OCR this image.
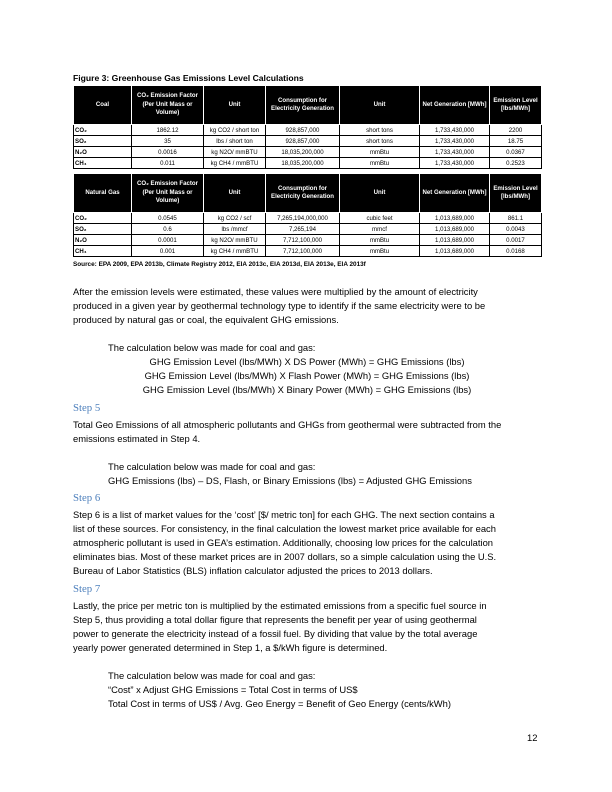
Figure 3: Greenhouse Gas Emissions Level Calculations

Coal	CO₂ Emission Factor (Per Unit Mass or Volume)	Unit	Consumption for Electricity Generation	Unit	Net Generation [MWh]	Emission Level [lbs/MWh]
CO₂	1862.12	kg CO2 / short ton	928,857,000	short tons	1,733,430,000	2200
SO₂	35	lbs / short ton	928,857,000	short tons	1,733,430,000	18.75
N₂O	0.0016	kg N2O/ mmBTU	18,035,200,000	mmBtu	1,733,430,000	0.0367
CH₄	0.011	kg CH4 / mmBTU	18,035,200,000	mmBtu	1,733,430,000	0.2523
Natural Gas	CO₂ Emission Factor (Per Unit Mass or Volume)	Unit	Consumption for Electricity Generation	Unit	Net Generation [MWh]	Emission Level [lbs/MWh]
CO₂	0.0545	kg CO2 / scf	7,265,194,000,000	cubic feet	1,013,689,000	861.1
SO₂	0.6	lbs /mmcf	7,265,194	mmcf	1,013,689,000	0.0043
N₂O	0.0001	kg N2O/ mmBTU	7,712,100,000	mmBtu	1,013,689,000	0.0017
CH₄	0.001	kg CH4 / mmBTU	7,712,100,000	mmBtu	1,013,689,000	0.0168

Source: EPA 2009, EPA 2013b, Climate Registry 2012, EIA 2013c, EIA 2013d, EIA 2013e, EIA 2013f

After the emission levels were estimated, these values were multiplied by the amount of electricity

produced in a given year by geothermal technology type to identify if the same electricity were to be

produced by natural gas or coal, the equivalent GHG emissions.

The calculation below was made for coal and gas:

GHG Emission Level (lbs/MWh) X DS Power (MWh) = GHG Emissions (lbs)

GHG Emission Level (lbs/MWh) X Flash Power (MWh) = GHG Emissions (lbs)

GHG Emission Level (lbs/MWh) X Binary Power (MWh) = GHG Emissions (lbs)

Step 5

Total Geo Emissions of all atmospheric pollutants and GHGs from geothermal were subtracted from the

emissions estimated in Step 4.

The calculation below was made for coal and gas:

GHG Emissions (lbs) – DS, Flash, or Binary Emissions (lbs) = Adjusted GHG Emissions

Step 6

Step 6 is a list of market values for the ‘cost’ [$/ metric ton] for each GHG. The next section contains a

list of these sources. For consistency, in the final calculation the lowest market price available for each

atmospheric pollutant is used in GEA’s estimation. Additionally, choosing low prices for the calculation

eliminates bias. Most of these market prices are in 2007 dollars, so a simple calculation using the U.S.

Bureau of Labor Statistics (BLS) inflation calculator adjusted the prices to 2013 dollars.

Step 7

Lastly, the price per metric ton is multiplied by the estimated emissions from a specific fuel source in

Step 5, thus providing a total dollar figure that represents the benefit per year of using geothermal

power to generate the electricity instead of a fossil fuel. By dividing that value by the total average

yearly power generated determined in Step 1, a $/kWh figure is determined.

The calculation below was made for coal and gas:

“Cost” x Adjust GHG Emissions = Total Cost in terms of US$

Total Cost in terms of US$ / Avg. Geo Energy = Benefit of Geo Energy (cents/kWh)

12
